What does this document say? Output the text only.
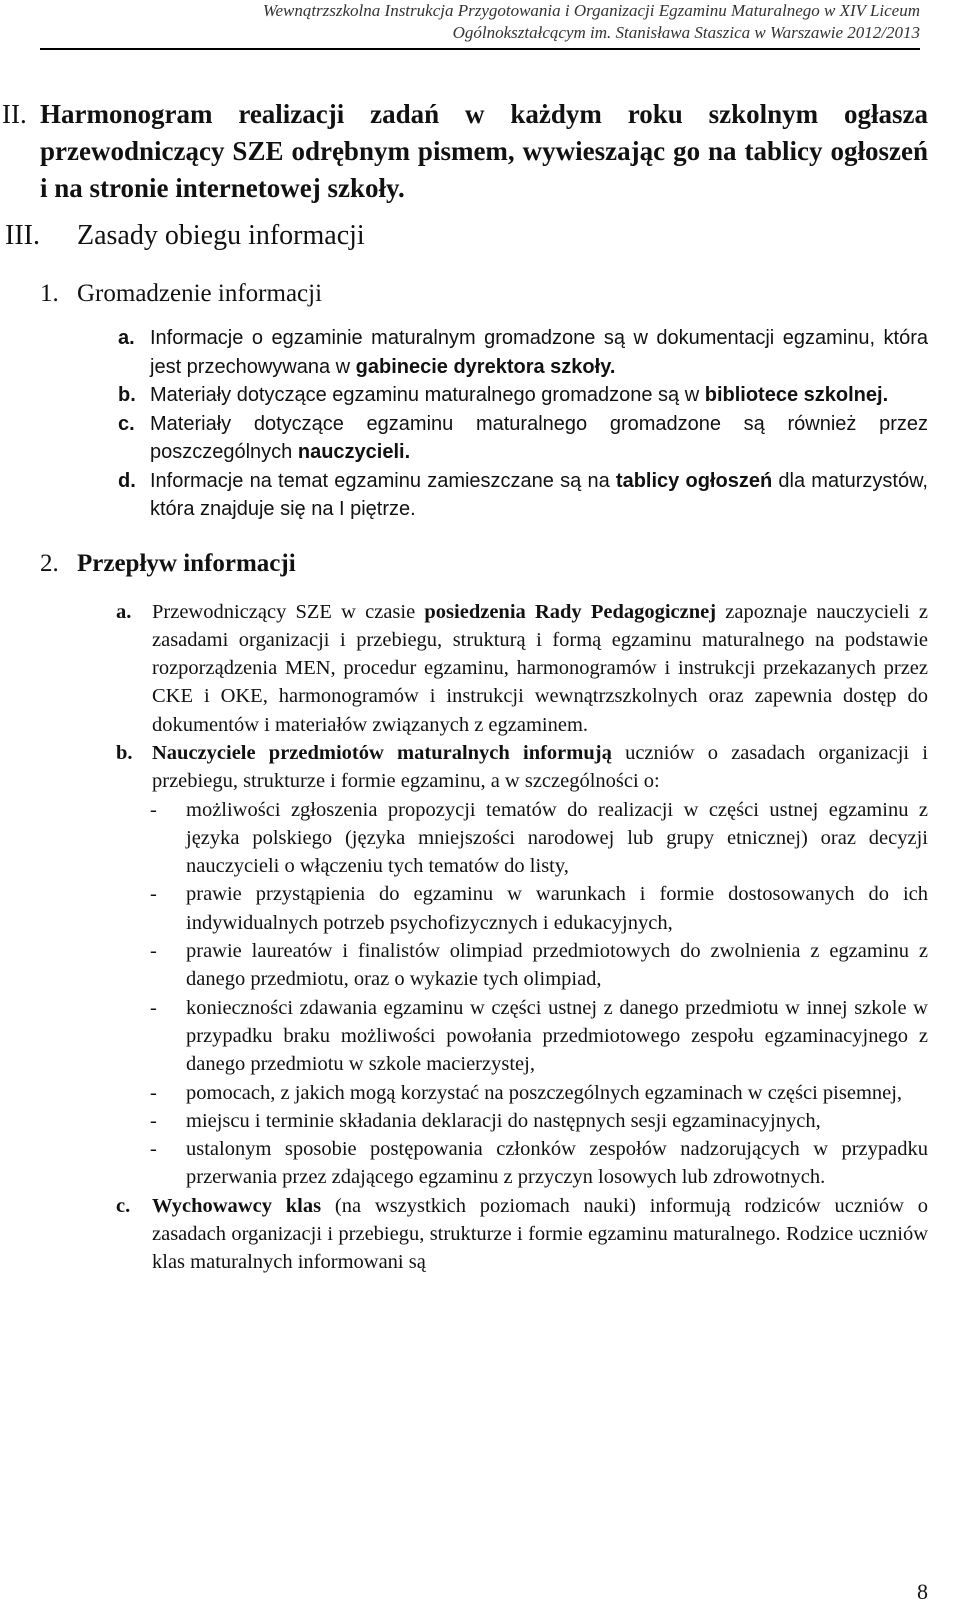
Wewnątrzszkolna Instrukcja Przygotowania i Organizacji Egzaminu Maturalnego w XIV Liceum
Ogólnokształcącym im. Stanisława Staszica w Warszawie 2012/2013
II. Harmonogram realizacji zadań w każdym roku szkolnym ogłasza przewodniczący SZE odrębnym pismem, wywieszając go na tablicy ogłoszeń i na stronie internetowej szkoły.
III. Zasady obiegu informacji
1. Gromadzenie informacji
a. Informacje o egzaminie maturalnym gromadzone są w dokumentacji egzaminu, która jest przechowywana w gabinecie dyrektora szkoły.
b. Materiały dotyczące egzaminu maturalnego gromadzone są w bibliotece szkolnej.
c. Materiały dotyczące egzaminu maturalnego gromadzone są również przez poszczególnych nauczycieli.
d. Informacje na temat egzaminu zamieszczane są na tablicy ogłoszeń dla maturzystów, która znajduje się na I piętrze.
2. Przepływ informacji
a. Przewodniczący SZE w czasie posiedzenia Rady Pedagogicznej zapoznaje nauczycieli z zasadami organizacji i przebiegu, strukturą i formą egzaminu maturalnego na podstawie rozporządzenia MEN, procedur egzaminu, harmonogramów i instrukcji przekazanych przez CKE i OKE, harmonogramów i instrukcji wewnątrzszkolnych oraz zapewnia dostęp do dokumentów i materiałów związanych z egzaminem.
b. Nauczyciele przedmiotów maturalnych informują uczniów o zasadach organizacji i przebiegu, strukturze i formie egzaminu, a w szczególności o:
- możliwości zgłoszenia propozycji tematów do realizacji w części ustnej egzaminu z języka polskiego (języka mniejszości narodowej lub grupy etnicznej) oraz decyzji nauczycieli o włączeniu tych tematów do listy,
- prawie przystąpienia do egzaminu w warunkach i formie dostosowanych do ich indywidualnych potrzeb psychofizycznych i edukacyjnych,
- prawie laureatów i finalistów olimpiad przedmiotowych do zwolnienia z egzaminu z danego przedmiotu, oraz o wykazie tych olimpiad,
- konieczności zdawania egzaminu w części ustnej z danego przedmiotu w innej szkole w przypadku braku możliwości powołania przedmiotowego zespołu egzaminacyjnego z danego przedmiotu w szkole macierzystej,
- pomocach, z jakich mogą korzystać na poszczególnych egzaminach w części pisemnej,
- miejscu i terminie składania deklaracji do następnych sesji egzaminacyjnych,
- ustalonym sposobie postępowania członków zespołów nadzorujących w przypadku przerwania przez zdającego egzaminu z przyczyn losowych lub zdrowotnych.
c. Wychowawcy klas (na wszystkich poziomach nauki) informują rodziców uczniów o zasadach organizacji i przebiegu, strukturze i formie egzaminu maturalnego. Rodzice uczniów klas maturalnych informowani są
8
